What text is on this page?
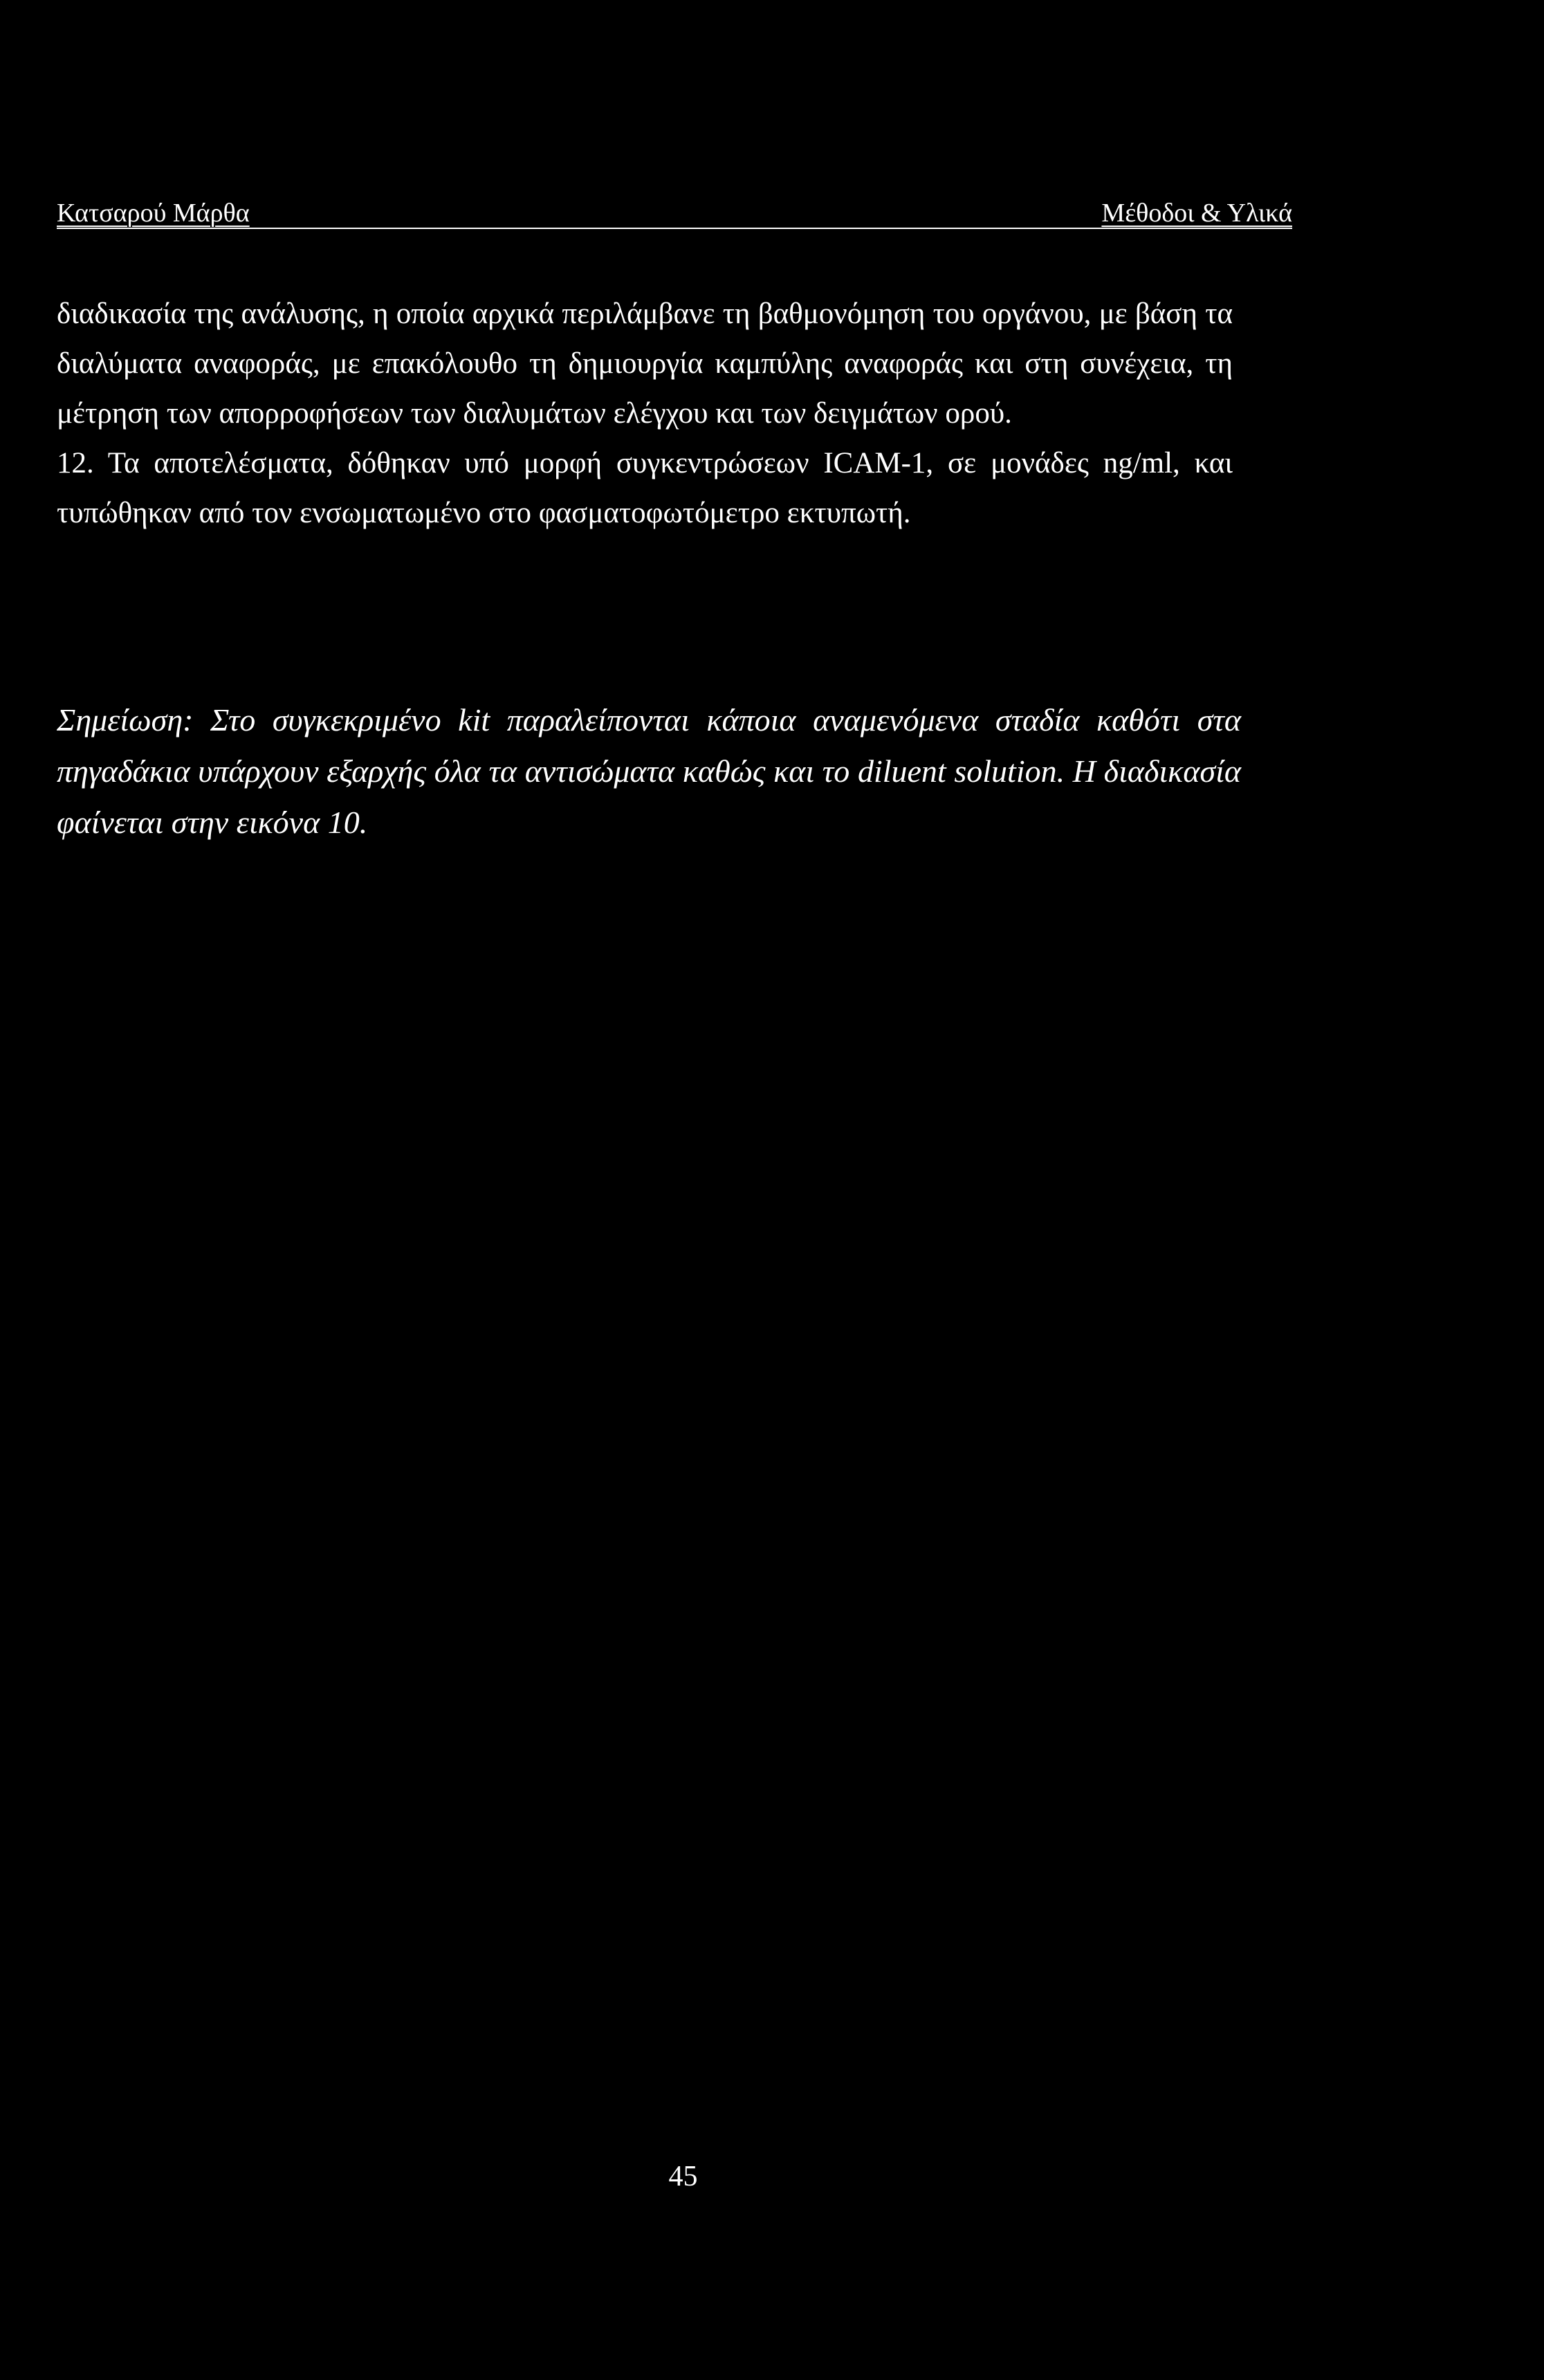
Κατσαρού Μάρθα	Μέθοδοι & Υλικά

διαδικασία της ανάλυσης, η οποία αρχικά περιλάμβανε τη βαθμονόμηση του οργάνου, με βάση τα διαλύματα αναφοράς, με επακόλουθο τη δημιουργία καμπύλης αναφοράς και στη συνέχεια, τη μέτρηση των απορροφήσεων των διαλυμάτων ελέγχου και των δειγμάτων ορού.

12. Τα αποτελέσματα, δόθηκαν υπό μορφή συγκεντρώσεων ICAM-1, σε μονάδες ng/ml, και τυπώθηκαν από τον ενσωματωμένο στο φασματοφωτόμετρο εκτυπωτή.

Σημείωση: Στο συγκεκριμένο kit παραλείπονται κάποια αναμενόμενα σταδία καθότι στα πηγαδάκια υπάρχουν εξαρχής όλα τα αντισώματα καθώς και το diluent solution. Η διαδικασία φαίνεται στην εικόνα 10.
45
